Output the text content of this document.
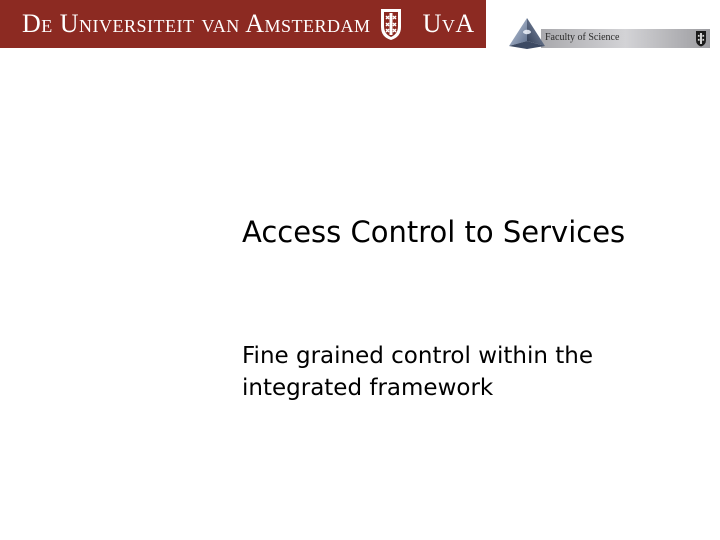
De Universiteit van Amsterdam UvA	Faculty of Science
Access Control to Services
Fine grained control within the
integrated framework
